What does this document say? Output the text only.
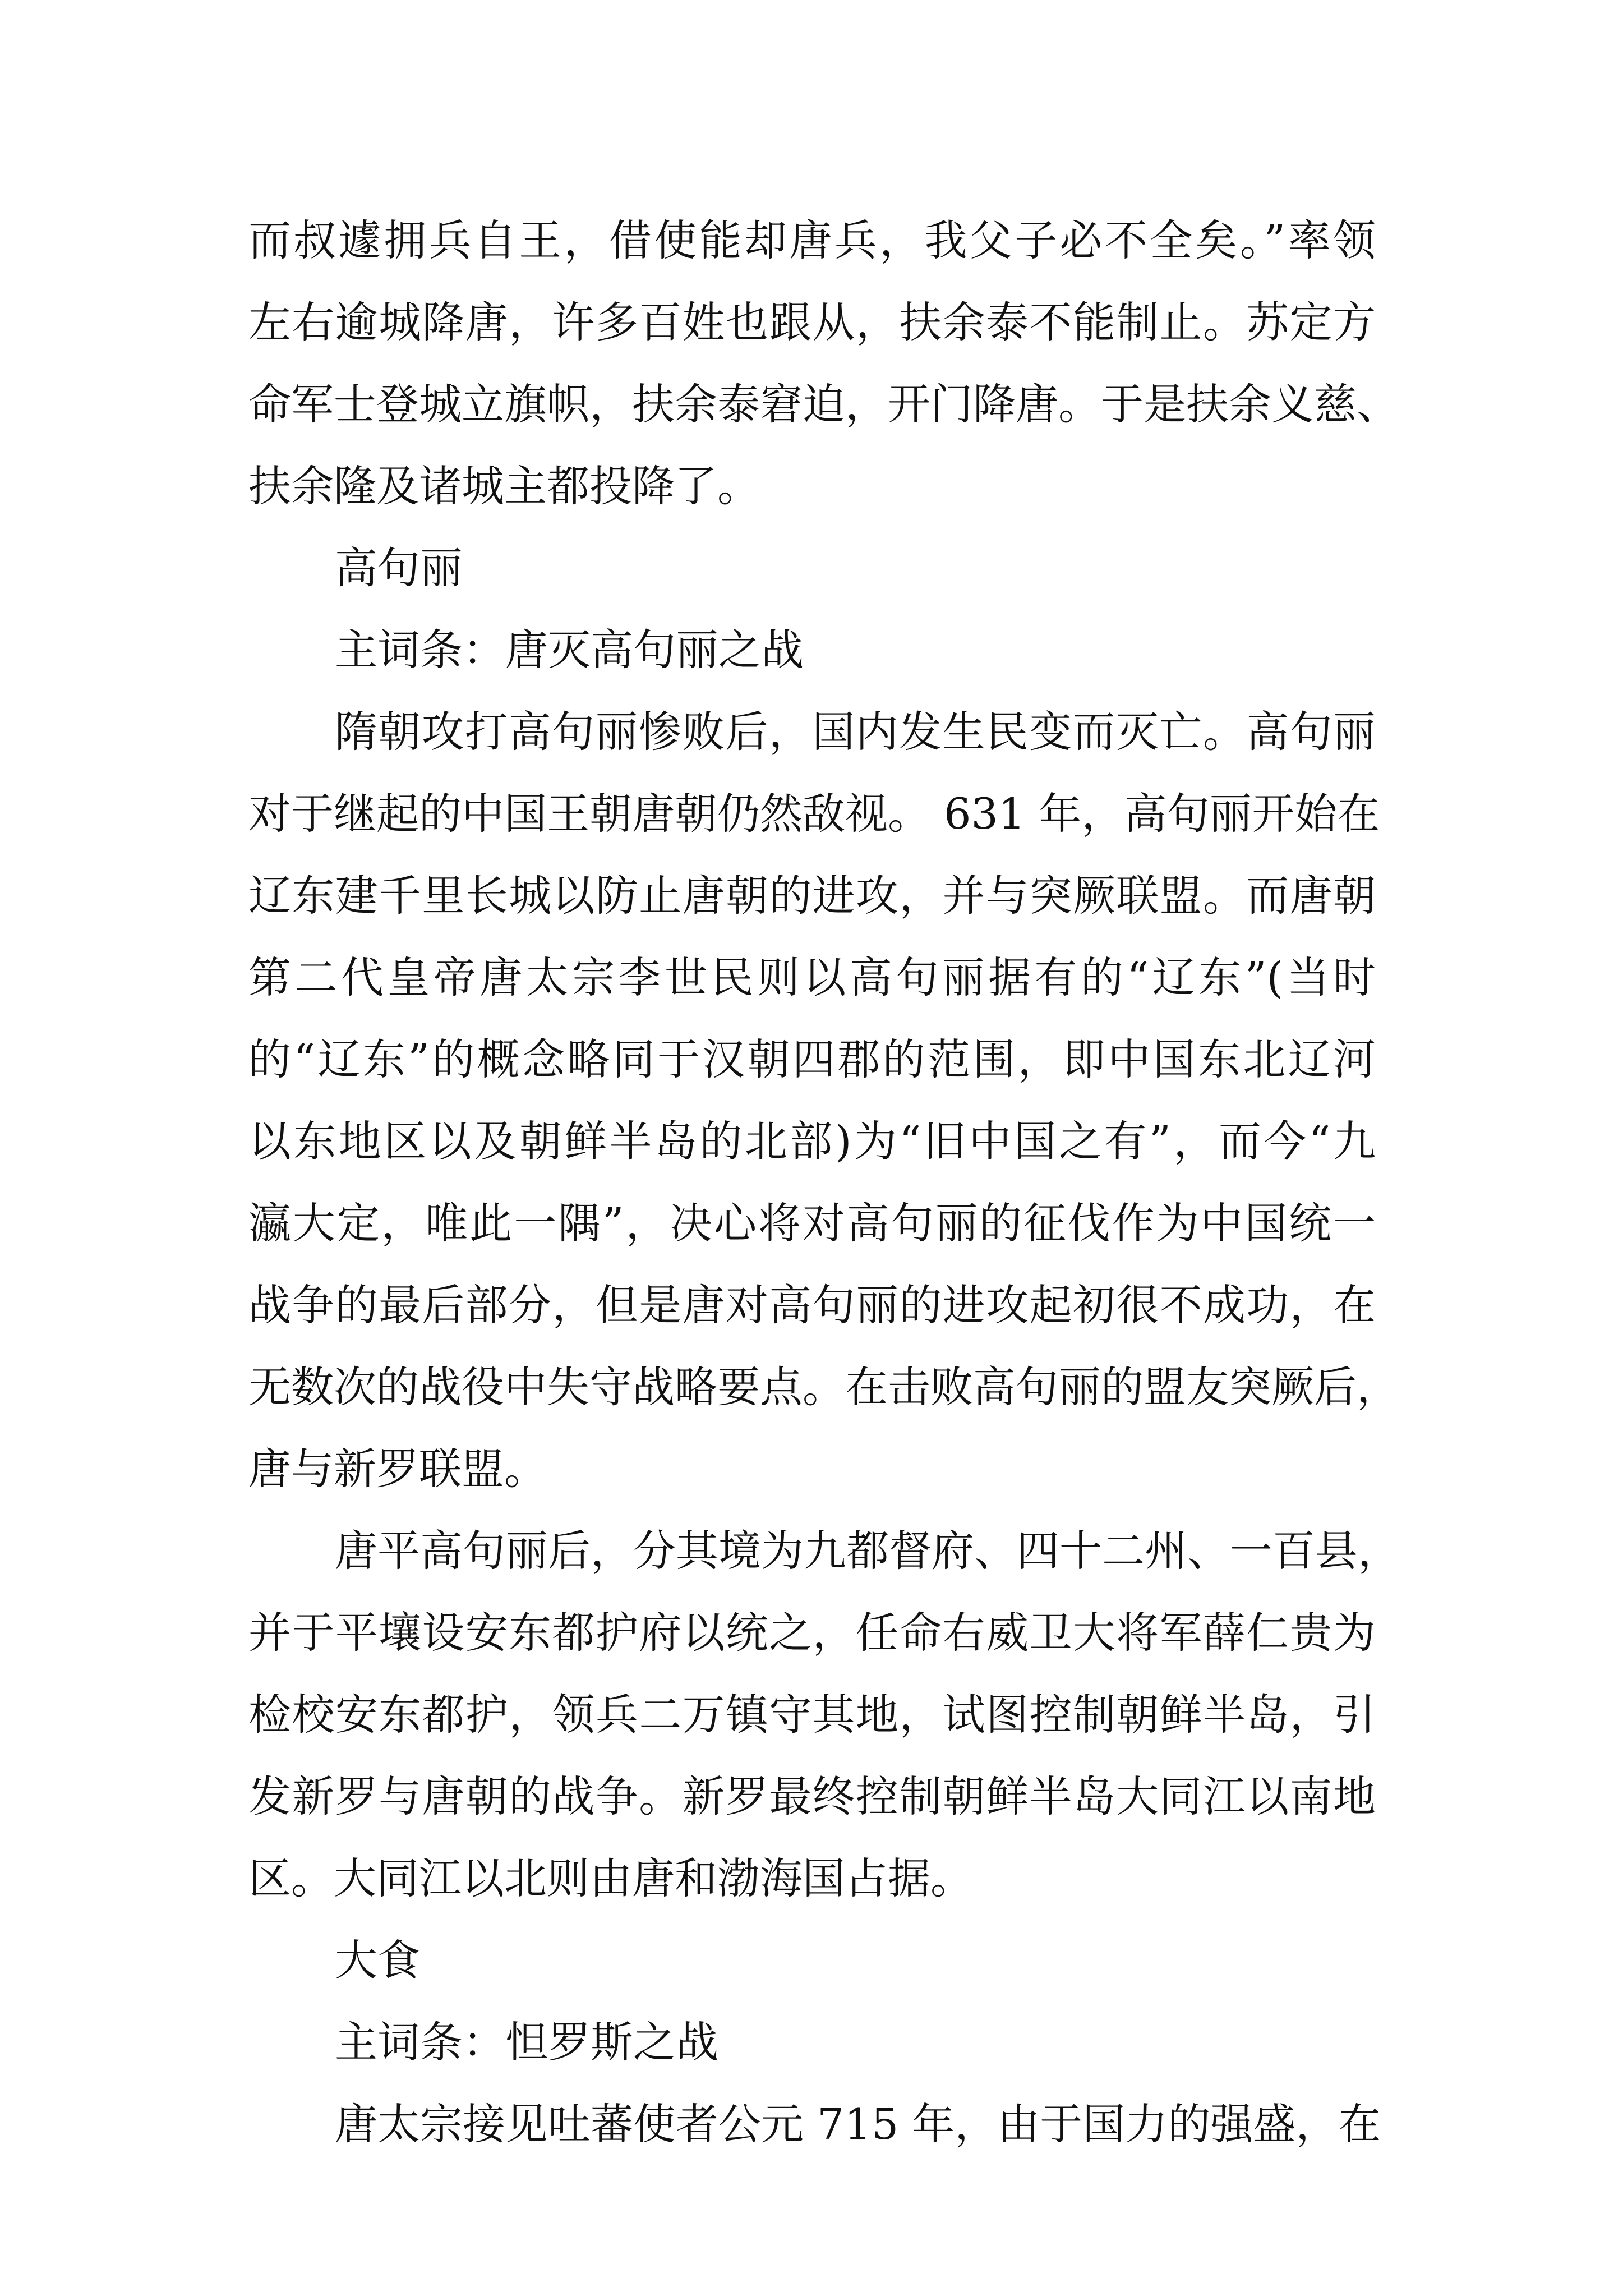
而叔遽拥兵自王，借使能却唐兵，我父子必不全矣。”率领
左右逾城降唐，许多百姓也跟从，扶余泰不能制止。苏定方
命军士登城立旗帜，扶余泰窘迫，开门降唐。于是扶余义慈、
扶余隆及诸城主都投降了。
高句丽
主词条：唐灭高句丽之战
隋朝攻打高句丽惨败后，国内发生民变而灭亡。高句丽
对于继起的中国王朝唐朝仍然敌视。 631 年，高句丽开始在
辽东建千里长城以防止唐朝的进攻，并与突厥联盟。而唐朝
第二代皇帝唐太宗李世民则以高句丽据有的“辽东”(当时
的“辽东”的概念略同于汉朝四郡的范围，即中国东北辽河
以东地区以及朝鲜半岛的北部)为“旧中国之有”，而今“九
瀛大定，唯此一隅”，决心将对高句丽的征伐作为中国统一
战争的最后部分，但是唐对高句丽的进攻起初很不成功，在
无数次的战役中失守战略要点。在击败高句丽的盟友突厥后，
唐与新罗联盟。
唐平高句丽后，分其境为九都督府、四十二州、一百县，
并于平壤设安东都护府以统之，任命右威卫大将军薛仁贵为
检校安东都护，领兵二万镇守其地，试图控制朝鲜半岛，引
发新罗与唐朝的战争。新罗最终控制朝鲜半岛大同江以南地
区。大同江以北则由唐和渤海国占据。
大食
主词条：怛罗斯之战
唐太宗接见吐蕃使者公元 715 年，由于国力的强盛，在
